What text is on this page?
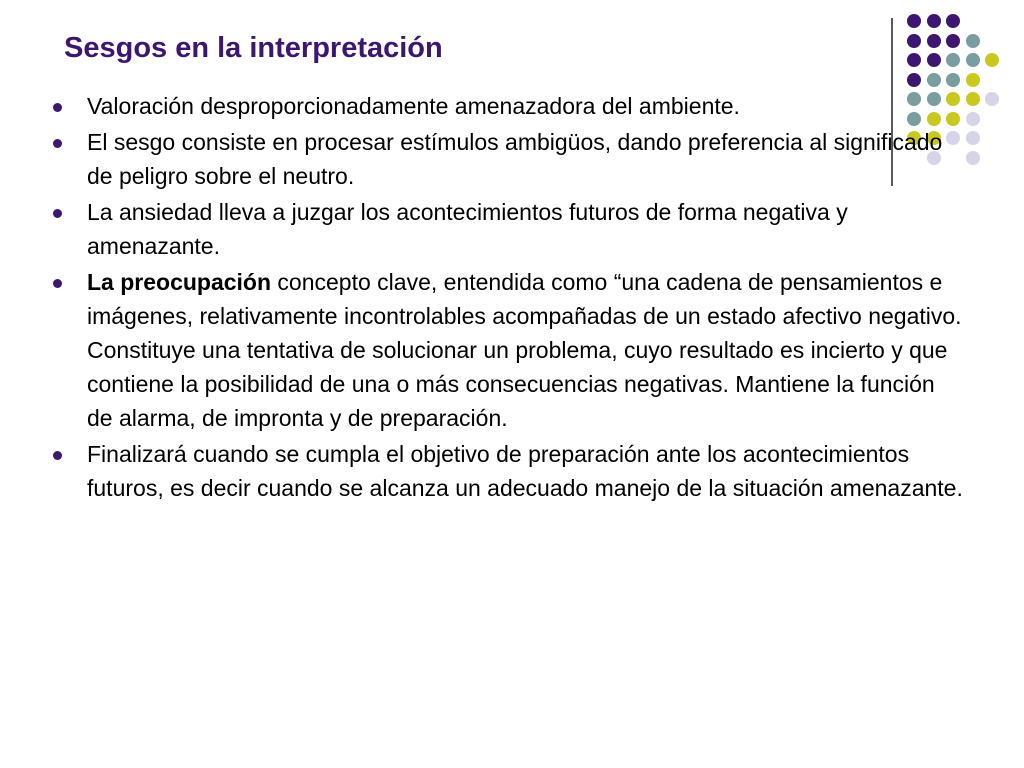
Sesgos en la interpretación
Valoración desproporcionadamente amenazadora del ambiente.
El sesgo consiste en procesar estímulos ambigüos, dando preferencia al significado de peligro sobre el neutro.
La ansiedad lleva a juzgar los acontecimientos futuros de forma negativa y amenazante.
La preocupación concepto clave, entendida como “una cadena de pensamientos e imágenes, relativamente incontrolables acompañadas de un estado afectivo negativo. Constituye una tentativa de solucionar un problema, cuyo resultado es incierto y que contiene la posibilidad de una o más consecuencias negativas. Mantiene la función de alarma, de impronta y de preparación.
Finalizará cuando se cumpla el objetivo de preparación ante los acontecimientos futuros, es decir cuando se alcanza un adecuado manejo de la situación amenazante.
